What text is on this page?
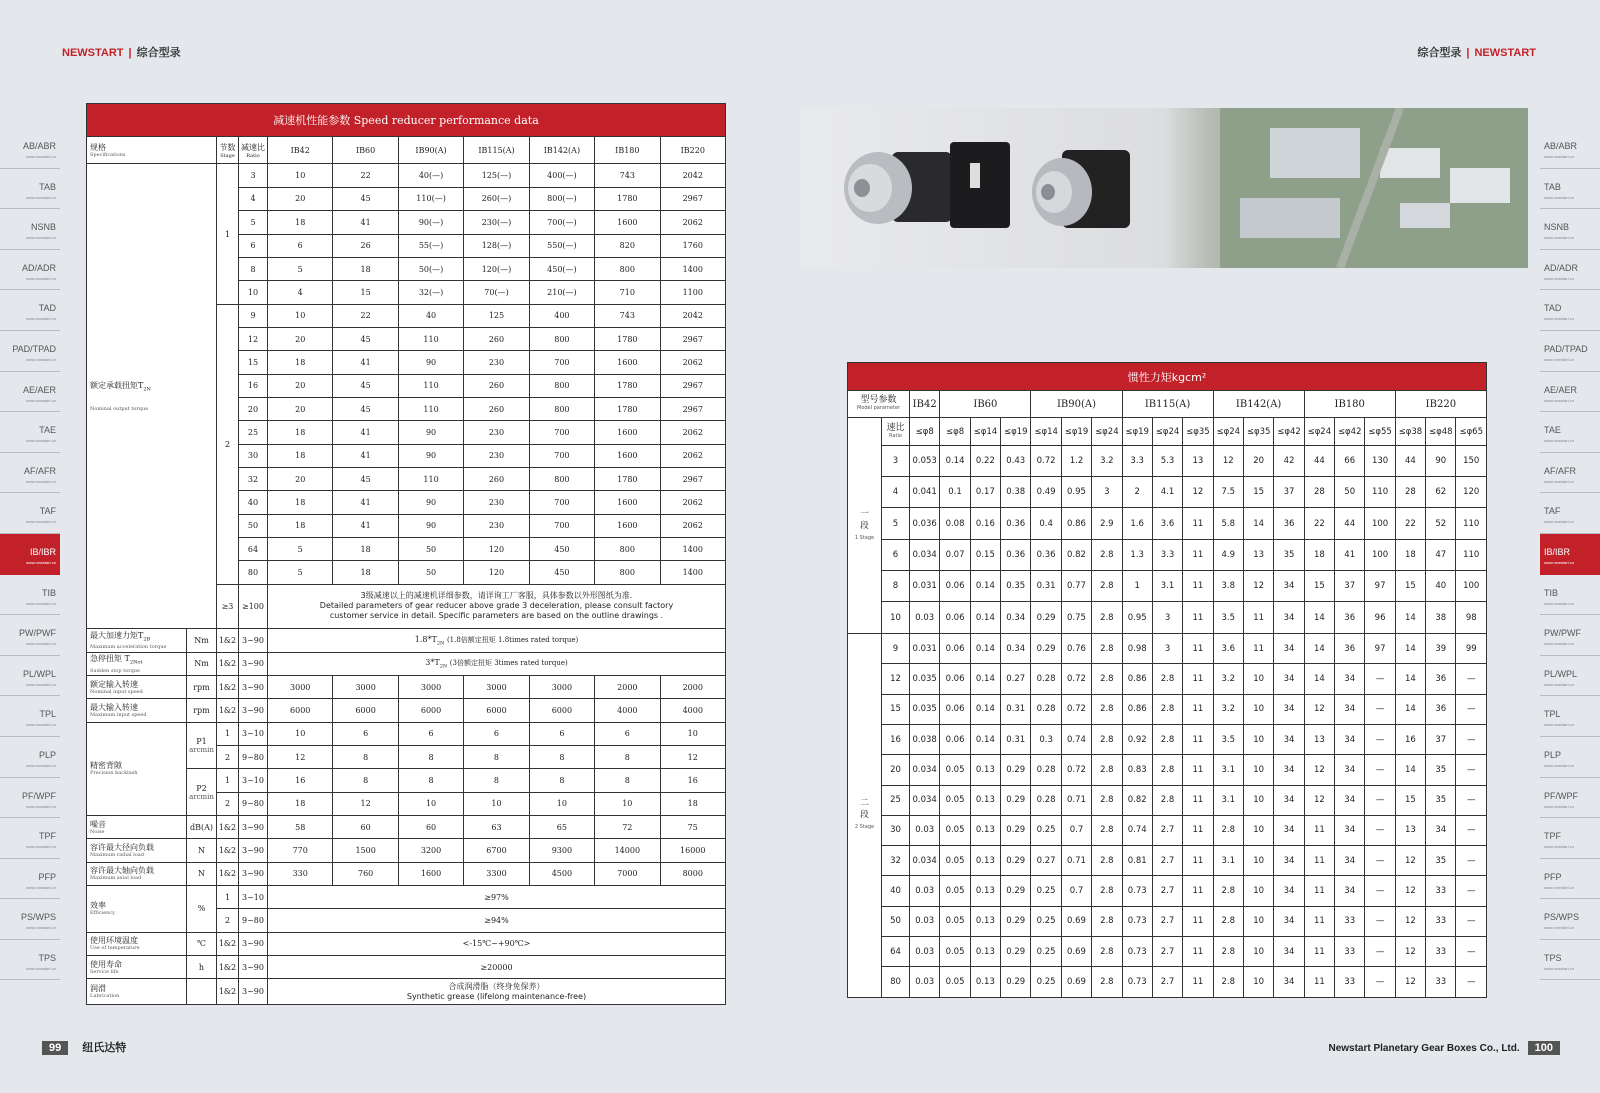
NEWSTART | 综合型录	综合型录 | NEWSTART
AB/ABR
www.newstart.cn
TAB
www.newstart.cn
NSNB
www.newstart.cn
AD/ADR
www.newstart.cn
TAD
www.newstart.cn
PAD/TPAD
www.newstart.cn
AE/AER
www.newstart.cn
TAE
www.newstart.cn
AF/AFR
www.newstart.cn
TAF
www.newstart.cn
IB/IBR
www.newstart.cn
TIB
www.newstart.cn
PW/PWF
www.newstart.cn
PL/WPL
www.newstart.cn
TPL
www.newstart.cn
PLP
www.newstart.cn
PF/WPF
www.newstart.cn
TPF
www.newstart.cn
PFP
www.newstart.cn
PS/WPS
www.newstart.cn
TPS
www.newstart.cn
AB/ABR
www.newstart.cn
TAB
www.newstart.cn
NSNB
www.newstart.cn
AD/ADR
www.newstart.cn
TAD
www.newstart.cn
PAD/TPAD
www.newstart.cn
AE/AER
www.newstart.cn
TAE
www.newstart.cn
AF/AFR
www.newstart.cn
TAF
www.newstart.cn
IB/IBR
www.newstart.cn
TIB
www.newstart.cn
PW/PWF
www.newstart.cn
PL/WPL
www.newstart.cn
TPL
www.newstart.cn
PLP
www.newstart.cn
PF/WPF
www.newstart.cn
TPF
www.newstart.cn
PFP
www.newstart.cn
PS/WPS
www.newstart.cn
TPS
www.newstart.cn
减速机性能参数 Speed reducer performance data										
规格
Specifications		节数
Stage	减速比
Ratio	IB42	IB60	IB90(A)	IB115(A)	IB142(A)	IB180	IB220
额定承载扭矩$T_{2N}$
Nominal output torque		1	3	10	22	40(—)	125(—)	400(—)	743	2042
			4	20	45	110(—)	260(—)	800(—)	1780	2967
			5	18	41	90(—)	230(—)	700(—)	1600	2062
			6	6	26	55(—)	128(—)	550(—)	820	1760
			8	5	18	50(—)	120(—)	450(—)	800	1400
			10	4	15	32(—)	70(—)	210(—)	710	1100
		2	9	10	22	40	125	400	743	2042
			12	20	45	110	260	800	1780	2967
			15	18	41	90	230	700	1600	2062
			16	20	45	110	260	800	1780	2967
			20	20	45	110	260	800	1780	2967
			25	18	41	90	230	700	1600	2062
			30	18	41	90	230	700	1600	2062
			32	20	45	110	260	800	1780	2967
			40	18	41	90	230	700	1600	2062
			50	18	41	90	230	700	1600	2062
			64	5	18	50	120	450	800	1400
			80	5	18	50	120	450	800	1400
		≥3	≥100	3级减速以上的减速机详细参数，请详询工厂客服，具体参数以外形图纸为准.
Detailed parameters of gear reducer above grade 3 deceleration, please consult factory
customer service in detail. Specific parameters are based on the outline drawings .						
最大加速力矩$T_{2B}$
Maximum acceleration torque	Nm	1&2	3~90	$1.8*T_{2N}$ (1.8倍额定扭矩 1.8times rated torque)						
急停扭矩 $T_{2Not}$
Sudden stop torque	Nm	1&2	3~90	$3*T_{2N}$ (3倍额定扭矩 3times rated torque)						
额定输入转速
Nominal input speed	rpm	1&2	3~90	3000	3000	3000	3000	3000	2000	2000
最大输入转速
Maximum input speed	rpm	1&2	3~90	6000	6000	6000	6000	6000	4000	4000
精密背隙
Precision backlash	P1
arcmin	1	3~10	10	6	6	6	6	6	10
		2	9~80	12	8	8	8	8	8	12
	P2
arcmin	1	3~10	16	8	8	8	8	8	16
		2	9~80	18	12	10	10	10	10	18
噪音
Noise	dB(A)	1&2	3~90	58	60	60	63	65	72	75
容许最大径向负载
Maximum radial load	N	1&2	3~90	770	1500	3200	6700	9300	14000	16000
容许最大轴向负载
Maximum axial load	N	1&2	3~90	330	760	1600	3300	4500	7000	8000
效率
Efficiency	%	1	3~10	≥97%						
		2	9~80	≥94%						
使用环境温度
Use of temperature	℃	1&2	3~90	<-15℃~+90℃>						
使用寿命
Service life	h	1&2	3~90	≥20000						
润滑
Lubrication		1&2	3~90	合成润滑脂（终身免保养）
Synthetic grease (lifelong maintenance-free)						
惯性力矩kgcm²																				
型号参数
Model parameter		IB42	IB60			IB90(A)			IB115(A)			IB142(A)			IB180			IB220		
一
段
1 Stage	速比
Ratio	≤φ8	≤φ8	≤φ14	≤φ19	≤φ14	≤φ19	≤φ24	≤φ19	≤φ24	≤φ35	≤φ24	≤φ35	≤φ42	≤φ24	≤φ42	≤φ55	≤φ38	≤φ48	≤φ65
	3	0.053	0.14	0.22	0.43	0.72	1.2	3.2	3.3	5.3	13	12	20	42	44	66	130	44	90	150
	4	0.041	0.1	0.17	0.38	0.49	0.95	3	2	4.1	12	7.5	15	37	28	50	110	28	62	120
	5	0.036	0.08	0.16	0.36	0.4	0.86	2.9	1.6	3.6	11	5.8	14	36	22	44	100	22	52	110
	6	0.034	0.07	0.15	0.36	0.36	0.82	2.8	1.3	3.3	11	4.9	13	35	18	41	100	18	47	110
	8	0.031	0.06	0.14	0.35	0.31	0.77	2.8	1	3.1	11	3.8	12	34	15	37	97	15	40	100
	10	0.03	0.06	0.14	0.34	0.29	0.75	2.8	0.95	3	11	3.5	11	34	14	36	96	14	38	98
二
段
2 Stage	9	0.031	0.06	0.14	0.34	0.29	0.76	2.8	0.98	3	11	3.6	11	34	14	36	97	14	39	99
	12	0.035	0.06	0.14	0.27	0.28	0.72	2.8	0.86	2.8	11	3.2	10	34	14	34	—	14	36	—
	15	0.035	0.06	0.14	0.31	0.28	0.72	2.8	0.86	2.8	11	3.2	10	34	12	34	—	14	36	—
	16	0.038	0.06	0.14	0.31	0.3	0.74	2.8	0.92	2.8	11	3.5	10	34	13	34	—	16	37	—
	20	0.034	0.05	0.13	0.29	0.28	0.72	2.8	0.83	2.8	11	3.1	10	34	12	34	—	14	35	—
	25	0.034	0.05	0.13	0.29	0.28	0.71	2.8	0.82	2.8	11	3.1	10	34	12	34	—	15	35	—
	30	0.03	0.05	0.13	0.29	0.25	0.7	2.8	0.74	2.7	11	2.8	10	34	11	34	—	13	34	—
	32	0.034	0.05	0.13	0.29	0.27	0.71	2.8	0.81	2.7	11	3.1	10	34	11	34	—	12	35	—
	40	0.03	0.05	0.13	0.29	0.25	0.7	2.8	0.73	2.7	11	2.8	10	34	11	34	—	12	33	—
	50	0.03	0.05	0.13	0.29	0.25	0.69	2.8	0.73	2.7	11	2.8	10	34	11	33	—	12	33	—
	64	0.03	0.05	0.13	0.29	0.25	0.69	2.8	0.73	2.7	11	2.8	10	34	11	33	—	12	33	—
	80	0.03	0.05	0.13	0.29	0.25	0.69	2.8	0.73	2.7	11	2.8	10	34	11	33	—	12	33	—
99 纽氏达特	Newstart Planetary Gear Boxes Co., Ltd. 100
